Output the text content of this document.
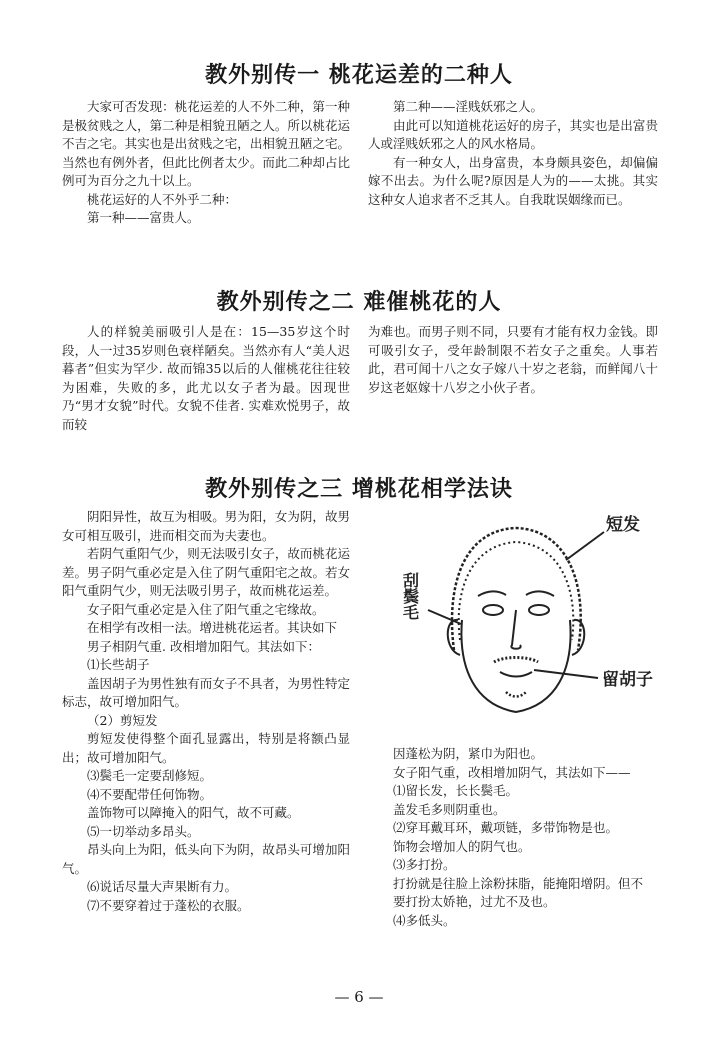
教外别传一 桃花运差的二种人

大家可否发现：桃花运差的人不外二种，第一种是极贫贱之人，第二种是相貌丑陋之人。所以桃花运不吉之宅。其实也是出贫贱之宅，出相貌丑陋之宅。当然也有例外者，但此比例者太少。而此二种却占比例可为百分之九十以上。

桃花运好的人不外乎二种：

第一种——富贵人。

第二种——淫贱妖邪之人。

由此可以知道桃花运好的房子，其实也是出富贵人或淫贱妖邪之人的风水格局。

有一种女人，出身富贵，本身颇具姿色，却偏偏嫁不出去。为什么呢?原因是人为的——太挑。其实这种女人追求者不乏其人。自我耽误姻缘而已。

教外别传之二 难催桃花的人

人的样貌美丽吸引人是在：15—35岁这个时段，人一过35岁则色衰样陋矣。当然亦有人“美人迟暮者”但实为罕少. 故而锦35以后的人催桃花往往较为困难，失败的多，此尤以女子者为最。因现世乃“男才女貌”时代。女貌不佳者. 实难欢悦男子，故而较

为难也。而男子则不同，只要有才能有权力金钱。即可吸引女子，受年龄制限不若女子之重矣。人事若此，君可闻十八之女子嫁八十岁之老翁，而鲜闻八十岁这老妪嫁十八岁之小伙子者。

教外别传之三 增桃花相学法诀

阴阳异性，故互为相吸。男为阳，女为阴，故男女可相互吸引，进而相交而为夫妻也。

若阴气重阳气少，则无法吸引女子，故而桃花运差。男子阴气重必定是入住了阴气重阳宅之故。若女阳气重阴气少，则无法吸引男子，故而桃花运差。

女子阳气重必定是入住了阳气重之宅缘故。

在相学有改相一法。增进桃花运者。其诀如下

男子相阴气重. 改相增加阳气。其法如下：

⑴长些胡子

盖因胡子为男性独有而女子不具者，为男性特定标志，故可增加阳气。

（2）剪短发

剪短发使得整个面孔显露出，特别是将额凸显出；故可增加阳气。

⑶鬓毛一定要刮修短。

⑷不要配带任何饰物。

盖饰物可以障掩入的阳气，故不可藏。

⑸一切举动多昂头。

昂头向上为阳，低头向下为阴，故昂头可增加阳气。

⑹说话尽量大声果断有力。

⑺不要穿着过于蓬松的衣服。

短发
留胡子
刮鬓毛

因蓬松为阴，紧巾为阳也。

女子阳气重，改相增加阴气，其法如下——

⑴留长发，长长鬓毛。

盖发毛多则阴重也。

⑵穿耳戴耳环，戴项链，多带饰物是也。

饰物会增加人的阴气也。

⑶多打扮。

打扮就是往脸上涂粉抹脂，能掩阳增阴。但不

要打扮太娇艳，过尤不及也。

⑷多低头。

— 6 —
